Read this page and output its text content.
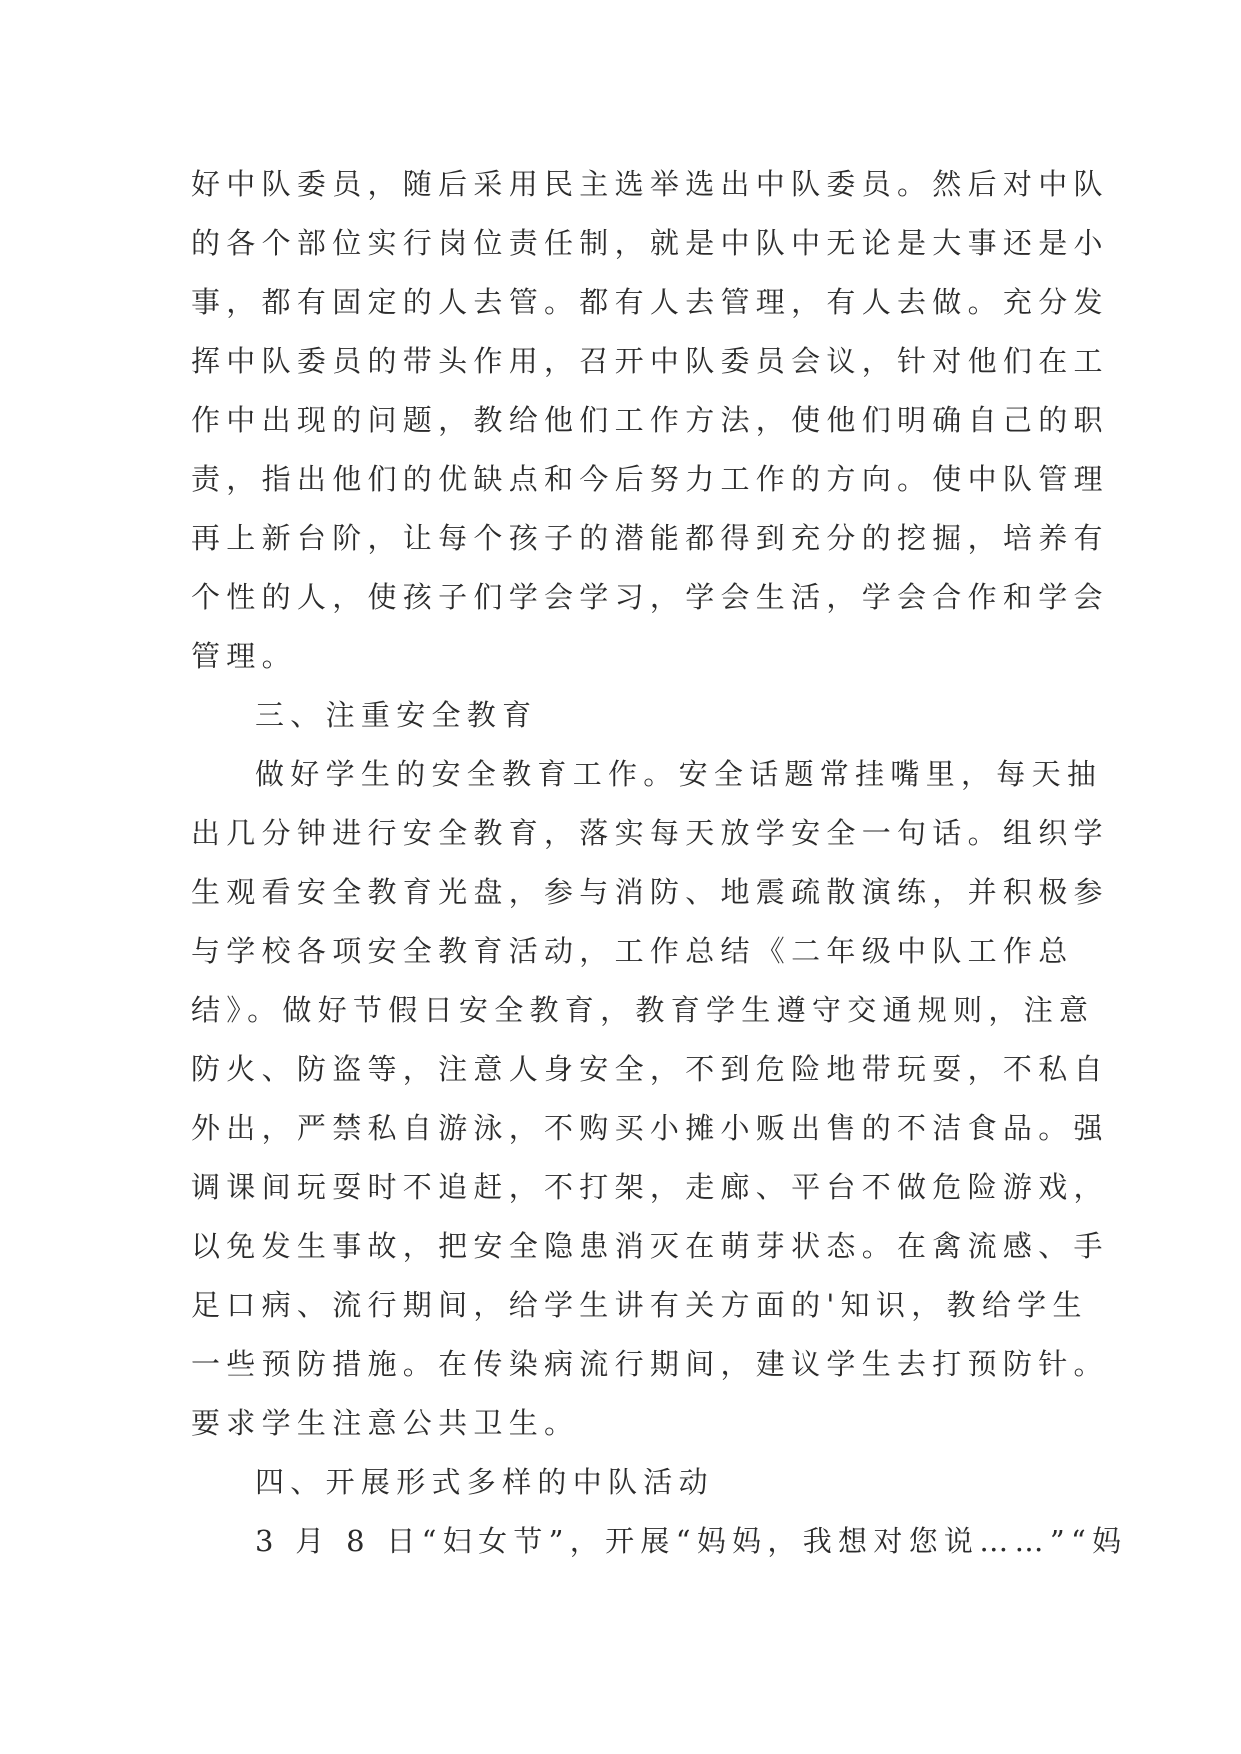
好中队委员，随后采用民主选举选出中队委员。然后对中队
的各个部位实行岗位责任制，就是中队中无论是大事还是小
事，都有固定的人去管。都有人去管理，有人去做。充分发
挥中队委员的带头作用，召开中队委员会议，针对他们在工
作中出现的问题，教给他们工作方法，使他们明确自己的职
责，指出他们的优缺点和今后努力工作的方向。使中队管理
再上新台阶，让每个孩子的潜能都得到充分的挖掘，培养有
个性的人，使孩子们学会学习，学会生活，学会合作和学会
管理。
三、注重安全教育
做好学生的安全教育工作。安全话题常挂嘴里，每天抽
出几分钟进行安全教育，落实每天放学安全一句话。组织学
生观看安全教育光盘，参与消防、地震疏散演练，并积极参
与学校各项安全教育活动，工作总结《二年级中队工作总
结》。做好节假日安全教育，教育学生遵守交通规则，注意
防火、防盗等，注意人身安全，不到危险地带玩耍，不私自
外出，严禁私自游泳，不购买小摊小贩出售的不洁食品。强
调课间玩耍时不追赶，不打架，走廊、平台不做危险游戏，
以免发生事故，把安全隐患消灭在萌芽状态。在禽流感、手
足口病、流行期间，给学生讲有关方面的'知识，教给学生
一些预防措施。在传染病流行期间，建议学生去打预防针。
要求学生注意公共卫生。
四、开展形式多样的中队活动
3 月 8 日“妇女节”，开展“妈妈，我想对您说……”“妈
